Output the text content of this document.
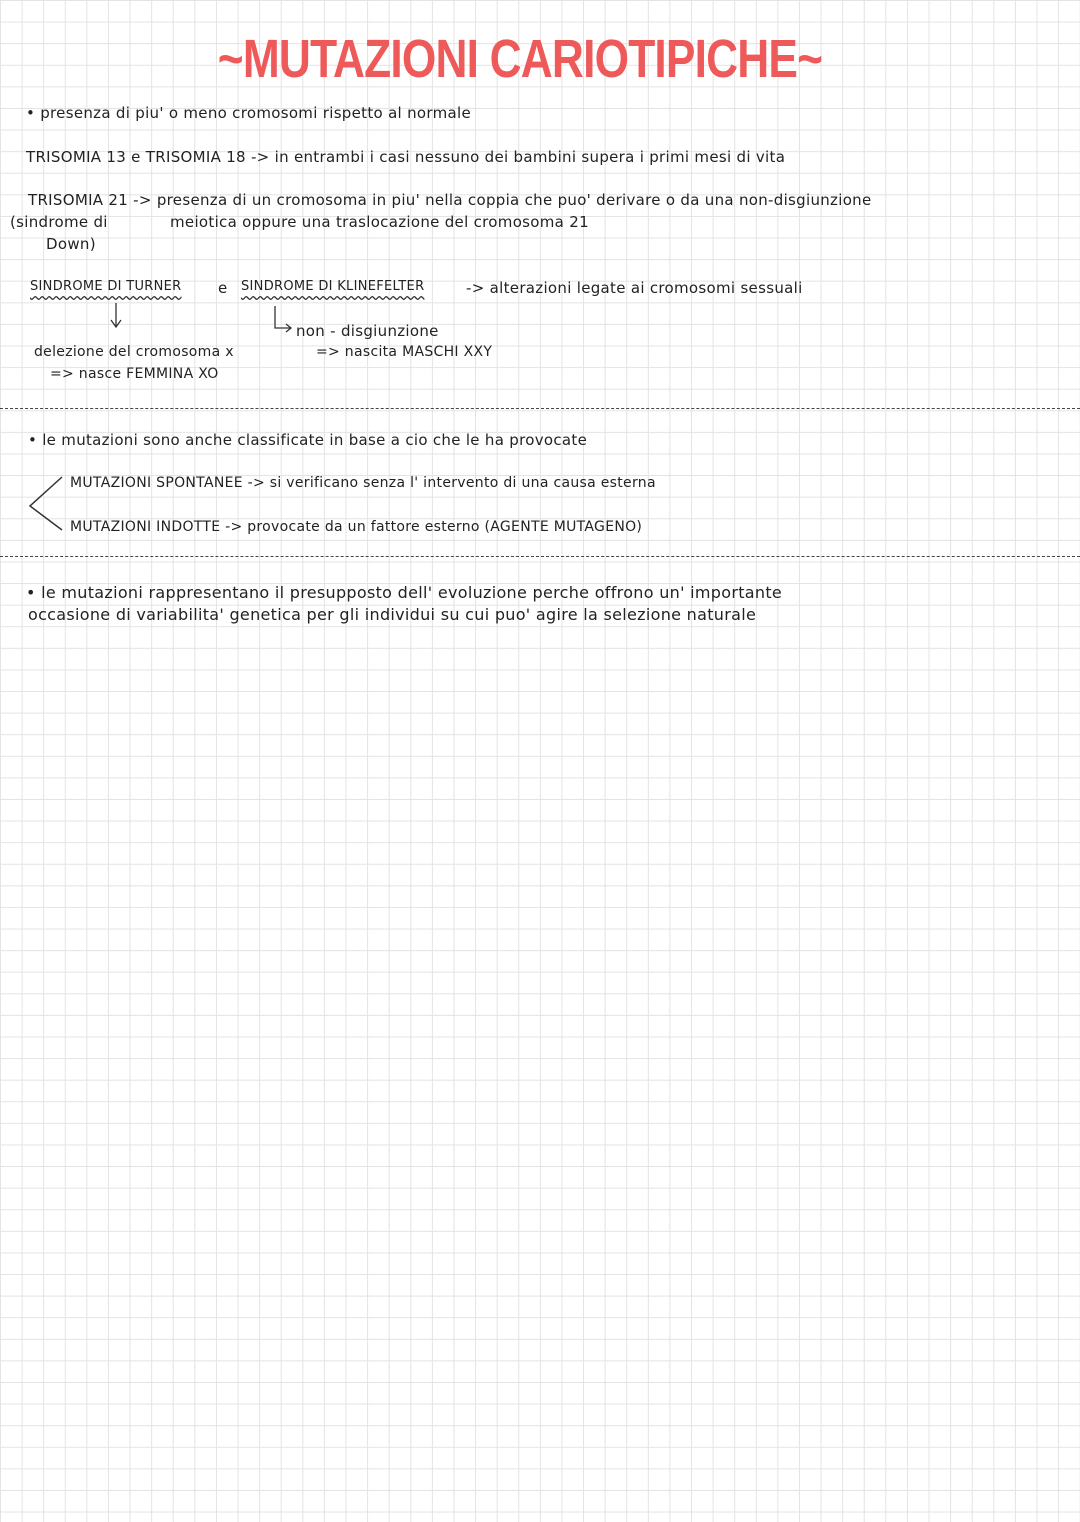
~MUTAZIONI CARIOTIPICHE~
• presenza di piu' o meno cromosomi rispetto al normale
TRISOMIA 13 e TRISOMIA 18 -> in entrambi i casi nessuno dei bambini supera i primi mesi di vita
TRISOMIA 21 -> presenza di un cromosoma in piu' nella coppia che puo' derivare o da una non-disgiunzione
(sindrome di	meiotica oppure una traslocazione del cromosoma 21
Down)
SINDROME DI TURNER e SINDROME DI KLINEFELTER	-> alterazioni legate ai cromosomi sessuali
non - disgiunzione
delezione del cromosoma x	=> nascita MASCHI XXY
=> nasce FEMMINA XO
• le mutazioni sono anche classificate in base a cio che le ha provocate
MUTAZIONI SPONTANEE -> si verificano senza l' intervento di una causa esterna
MUTAZIONI INDOTTE -> provocate da un fattore esterno (AGENTE MUTAGENO)
• le mutazioni rappresentano il presupposto dell' evoluzione perche offrono un' importante
occasione di variabilita' genetica per gli individui su cui puo' agire la selezione naturale
